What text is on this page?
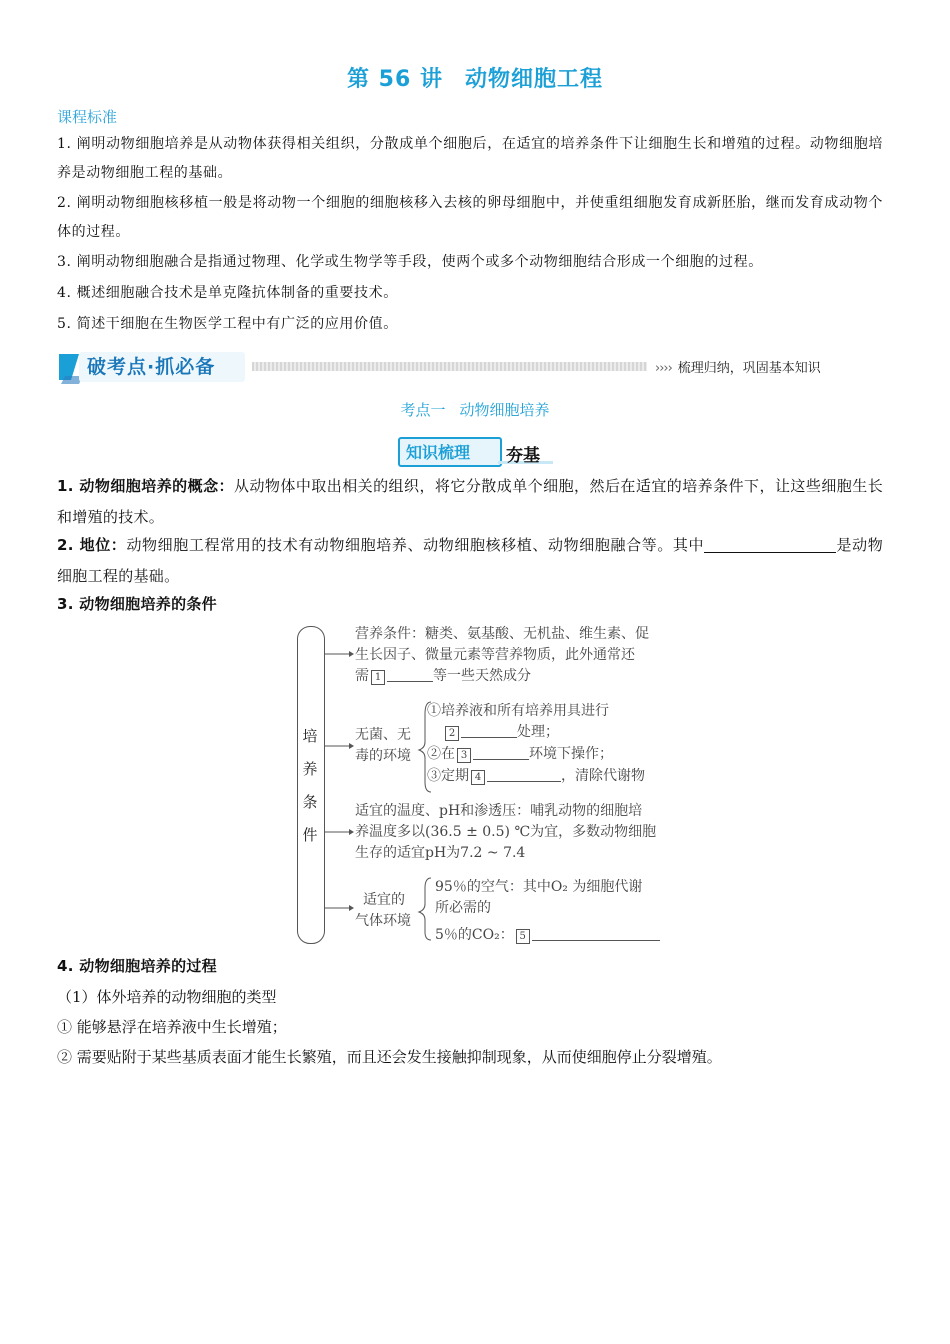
第 56 讲 动物细胞工程
课程标准
1. 阐明动物细胞培养是从动物体获得相关组织，分散成单个细胞后，在适宜的培养条件下让细胞生长和增殖的过程。动物细胞培养是动物细胞工程的基础。
2. 阐明动物细胞核移植一般是将动物一个细胞的细胞核移入去核的卵母细胞中，并使重组细胞发育成新胚胎，继而发育成动物个体的过程。
3. 阐明动物细胞融合是指通过物理、化学或生物学等手段，使两个或多个动物细胞结合形成一个细胞的过程。
4. 概述细胞融合技术是单克隆抗体制备的重要技术。
5. 简述干细胞在生物医学工程中有广泛的应用价值。
破考点·抓必备	›››› 梳理归纳，巩固基本知识
考点一 动物细胞培养
知识梳理 夯基
1. 动物细胞培养的概念：从动物体中取出相关的组织，将它分散成单个细胞，然后在适宜的培养条件下，让这些细胞生长和增殖的技术。
2. 地位：动物细胞工程常用的技术有动物细胞培养、动物细胞核移植、动物细胞融合等。其中	是动物细胞工程的基础。
3. 动物细胞培养的条件
培
养
条
件
营养条件：糖类、氨基酸、无机盐、维生素、促
生长因子、微量元素等营养物质，此外通常还
需 1	等一些天然成分
无菌、无
毒的环境
①培养液和所有培养用具进行
2	处理；
②在 3	环境下操作；
③定期 4	，清除代谢物
适宜的温度、pH和渗透压：哺乳动物的细胞培
养温度多以(36.5 ± 0.5) ℃为宜，多数动物细胞
生存的适宜pH为7.2 ~ 7.4
适宜的
气体环境
95％的空气：其中O₂ 为细胞代谢
所必需的
5％的CO₂： 5
4. 动物细胞培养的过程
（1）体外培养的动物细胞的类型
① 能够悬浮在培养液中生长增殖；
② 需要贴附于某些基质表面才能生长繁殖，而且还会发生接触抑制现象，从而使细胞停止分裂增殖。
